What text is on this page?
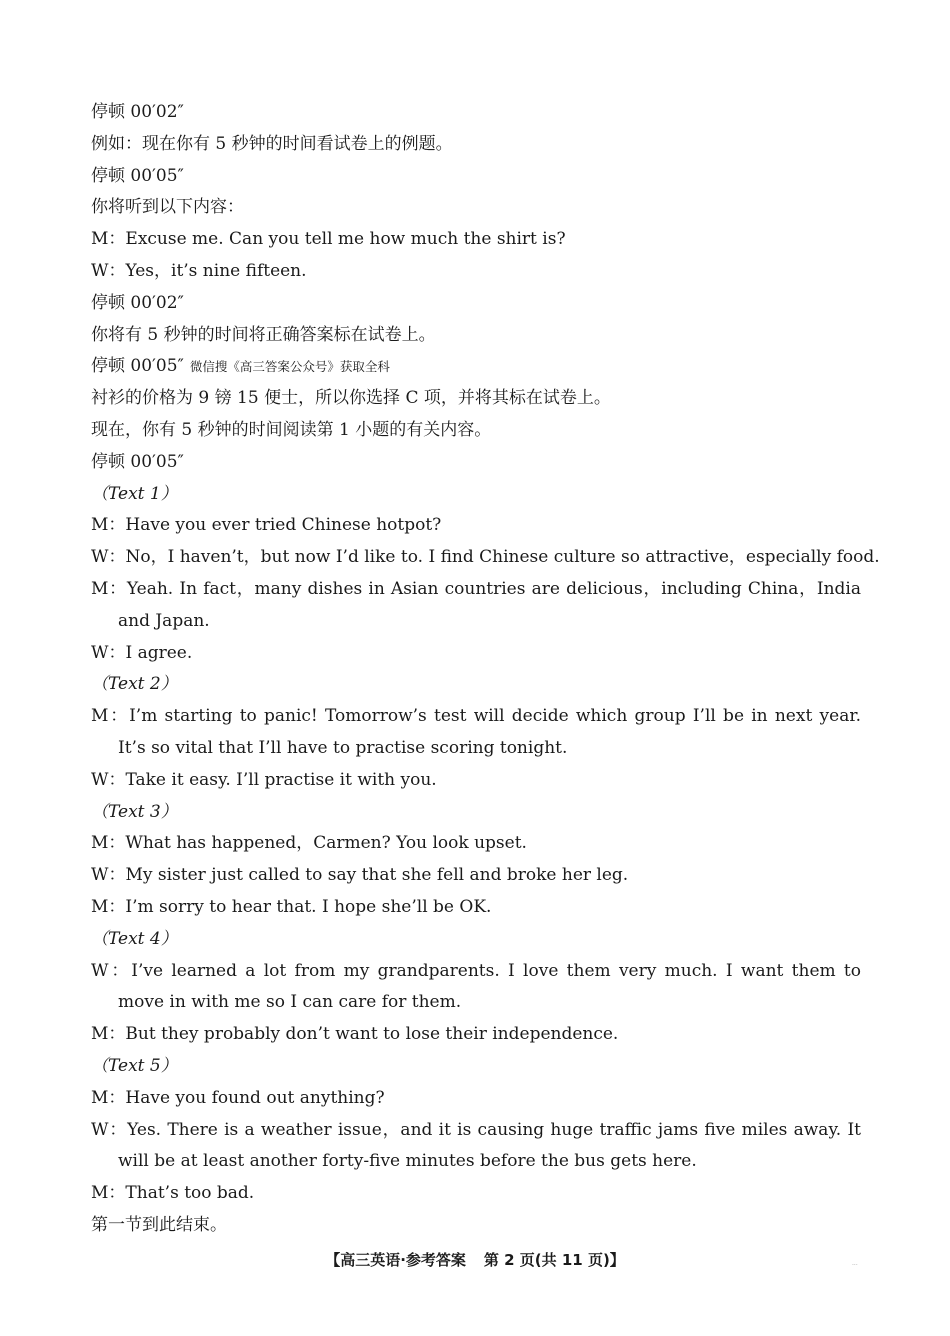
停顿 00′02″
例如：现在你有 5 秒钟的时间看试卷上的例题。
停顿 00′05″
你将听到以下内容：
M：Excuse me. Can you tell me how much the shirt is?
W：Yes，it’s nine fifteen.
停顿 00′02″
你将有 5 秒钟的时间将正确答案标在试卷上。
停顿 00′05″ 微信搜《高三答案公众号》获取全科
衬衫的价格为 9 镑 15 便士，所以你选择 C 项，并将其标在试卷上。
现在，你有 5 秒钟的时间阅读第 1 小题的有关内容。
停顿 00′05″
（Text 1）
M：Have you ever tried Chinese hotpot?
W：No，I haven’t，but now I’d like to. I find Chinese culture so attractive，especially food.
M：Yeah. In fact，many dishes in Asian countries are delicious，including China，India and Japan.
W：I agree.
（Text 2）
M：I’m starting to panic! Tomorrow’s test will decide which group I’ll be in next year. It’s so vital that I’ll have to practise scoring tonight.
W：Take it easy. I’ll practise it with you.
（Text 3）
M：What has happened，Carmen? You look upset.
W：My sister just called to say that she fell and broke her leg.
M：I’m sorry to hear that. I hope she’ll be OK.
（Text 4）
W：I’ve learned a lot from my grandparents. I love them very much. I want them to move in with me so I can care for them.
M：But they probably don’t want to lose their independence.
（Text 5）
M：Have you found out anything?
W：Yes. There is a weather issue，and it is causing huge traffic jams five miles away. It will be at least another forty-five minutes before the bus gets here.
M：That’s too bad.
第一节到此结束。
【高三英语·参考答案 第 2 页(共 11 页)】	···
